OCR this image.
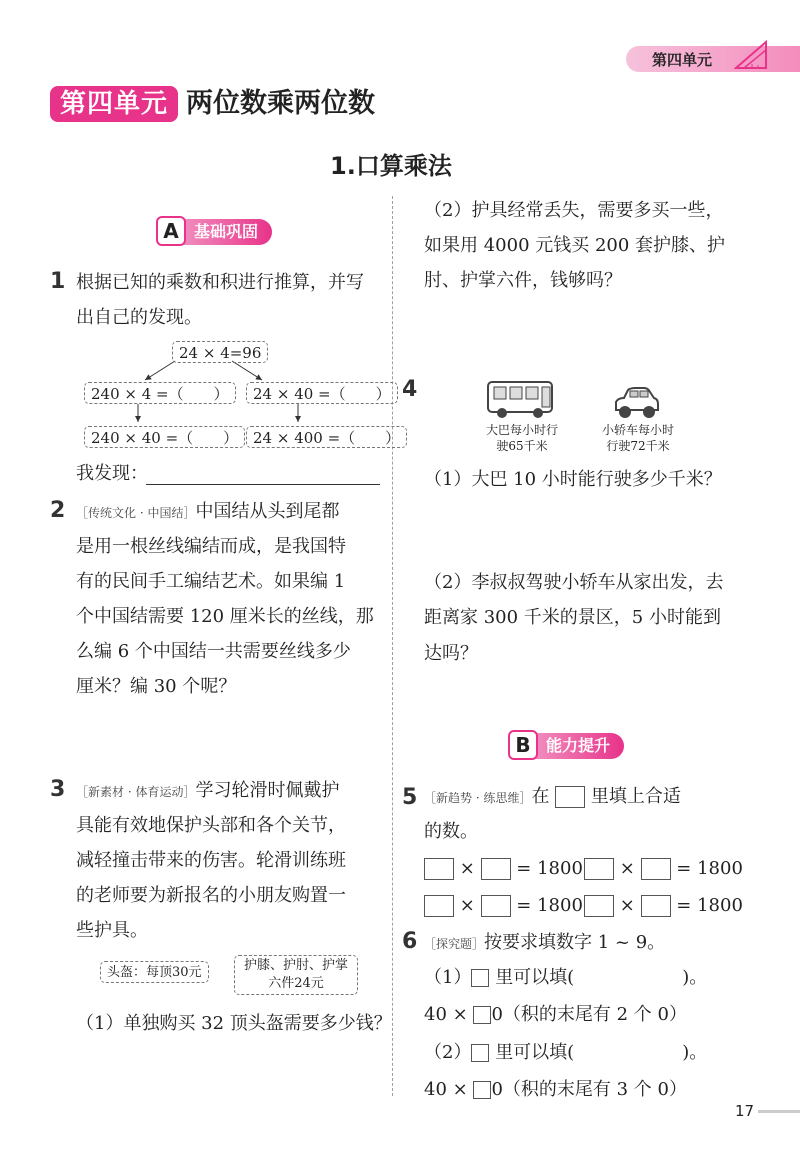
第四单元
第四单元 两位数乘两位数
1.口算乘法
A 基础巩固
1 根据已知的乘数和积进行推算，并写
出自己的发现。
24 × 4=96
240 × 4 =（　　）	24 × 40 =（　　）
240 × 40 =（　　） 24 × 400 =（　　）
我发现：
2 ［传统文化 · 中国结］中国结从头到尾都
是用一根丝线编结而成，是我国特
有的民间手工编结艺术。如果编 1
个中国结需要 120 厘米长的丝线，那
么编 6 个中国结一共需要丝线多少
厘米？编 30 个呢？
3 ［新素材 · 体育运动］学习轮滑时佩戴护
具能有效地保护头部和各个关节，
减轻撞击带来的伤害。轮滑训练班
的老师要为新报名的小朋友购置一
些护具。
头盔：每顶30元	护膝、护肘、护掌
六件24元
（1）单独购买 32 顶头盔需要多少钱？
（2）护具经常丢失，需要多买一些，
如果用 4000 元钱买 200 套护膝、护
肘、护掌六件，钱够吗？
4
大巴每小时行
驶65千米
小轿车每小时
行驶72千米
（1）大巴 10 小时能行驶多少千米？
（2）李叔叔驾驶小轿车从家出发，去
距离家 300 千米的景区，5 小时能到
达吗？
B 能力提升
5 ［新趋势 · 练思维］在 里填上合适
的数。
× = 1800	× = 1800
× = 1800	× = 1800
6 ［探究题］按要求填数字 1 ~ 9。
（1） 里可以填(　　　　　　)。
40 × 0（积的末尾有 2 个 0）
（2） 里可以填(　　　　　　)。
40 × 0（积的末尾有 3 个 0）
17
